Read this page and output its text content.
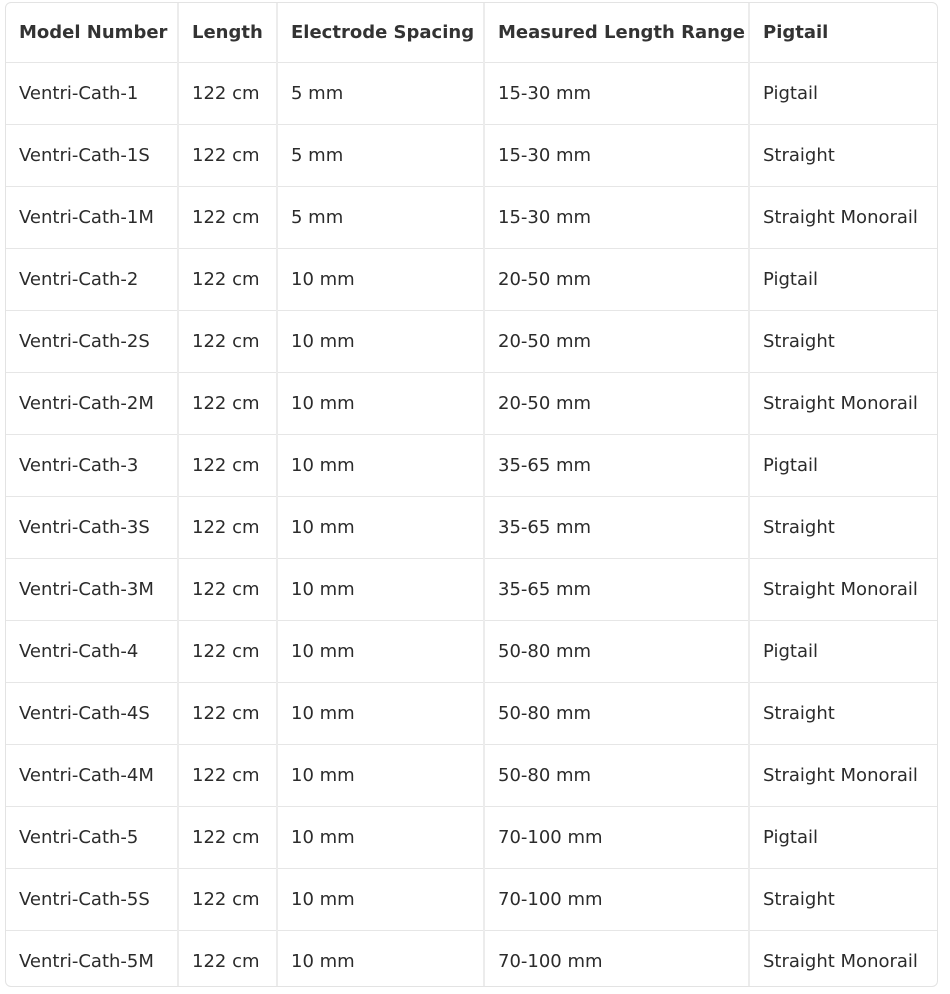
Model Number	Length	Electrode Spacing	Measured Length Range	Pigtail
Ventri-Cath-1	122 cm	5 mm	15-30 mm	Pigtail
Ventri-Cath-1S	122 cm	5 mm	15-30 mm	Straight
Ventri-Cath-1M	122 cm	5 mm	15-30 mm	Straight Monorail
Ventri-Cath-2	122 cm	10 mm	20-50 mm	Pigtail
Ventri-Cath-2S	122 cm	10 mm	20-50 mm	Straight
Ventri-Cath-2M	122 cm	10 mm	20-50 mm	Straight Monorail
Ventri-Cath-3	122 cm	10 mm	35-65 mm	Pigtail
Ventri-Cath-3S	122 cm	10 mm	35-65 mm	Straight
Ventri-Cath-3M	122 cm	10 mm	35-65 mm	Straight Monorail
Ventri-Cath-4	122 cm	10 mm	50-80 mm	Pigtail
Ventri-Cath-4S	122 cm	10 mm	50-80 mm	Straight
Ventri-Cath-4M	122 cm	10 mm	50-80 mm	Straight Monorail
Ventri-Cath-5	122 cm	10 mm	70-100 mm	Pigtail
Ventri-Cath-5S	122 cm	10 mm	70-100 mm	Straight
Ventri-Cath-5M	122 cm	10 mm	70-100 mm	Straight Monorail
